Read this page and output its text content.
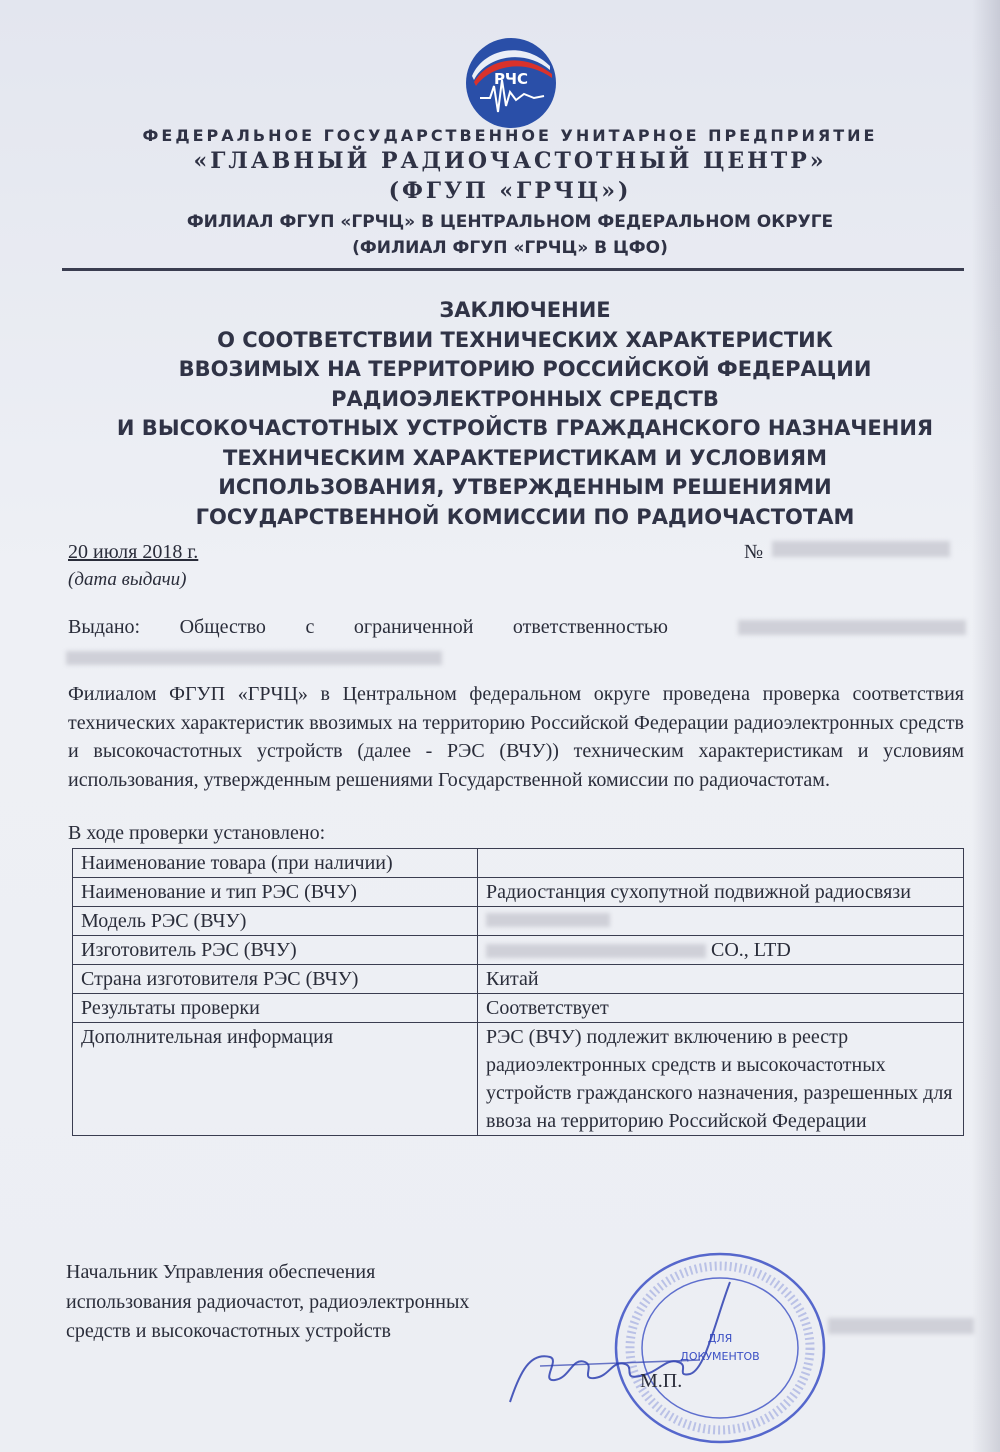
РЧС
ФЕДЕРАЛЬНОЕ ГОСУДАРСТВЕННОЕ УНИТАРНОЕ ПРЕДПРИЯТИЕ
«ГЛАВНЫЙ РАДИОЧАСТОТНЫЙ ЦЕНТР»
(ФГУП «ГРЧЦ»)
ФИЛИАЛ ФГУП «ГРЧЦ» В ЦЕНТРАЛЬНОМ ФЕДЕРАЛЬНОМ ОКРУГЕ
(ФИЛИАЛ ФГУП «ГРЧЦ» В ЦФО)
ЗАКЛЮЧЕНИЕ
О СООТВЕТСТВИИ ТЕХНИЧЕСКИХ ХАРАКТЕРИСТИК
ВВОЗИМЫХ НА ТЕРРИТОРИЮ РОССИЙСКОЙ ФЕДЕРАЦИИ
РАДИОЭЛЕКТРОННЫХ СРЕДСТВ
И ВЫСОКОЧАСТОТНЫХ УСТРОЙСТВ ГРАЖДАНСКОГО НАЗНАЧЕНИЯ
ТЕХНИЧЕСКИМ ХАРАКТЕРИСТИКАМ И УСЛОВИЯМ
ИСПОЛЬЗОВАНИЯ, УТВЕРЖДЕННЫМ РЕШЕНИЯМИ
ГОСУДАРСТВЕННОЙ КОМИССИИ ПО РАДИОЧАСТОТАМ
20 июля 2018 г.
(дата выдачи)
№
Выдано: Общество с ограниченной ответственностью
Филиалом ФГУП «ГРЧЦ» в Центральном федеральном округе проведена проверка соответствия технических характеристик ввозимых на территорию Российской Федерации радиоэлектронных средств и высокочастотных устройств (далее - РЭС (ВЧУ)) техническим характеристикам и условиям использования, утвержденным решениями Государственной комиссии по радиочастотам.
В ходе проверки установлено:
Наименование товара (при наличии)	
Наименование и тип РЭС (ВЧУ)	Радиостанция сухопутной подвижной радиосвязи
Модель РЭС (ВЧУ)	

Изготовитель РЭС (ВЧУ)	CO., LTD
Страна изготовителя РЭС (ВЧУ)	Китай
Результаты проверки	Соответствует
Дополнительная информация	РЭС (ВЧУ) подлежит включению в реестр радиоэлектронных средств и высокочастотных устройств гражданского назначения, разрешенных для ввоза на территорию Российской Федерации
Начальник Управления обеспечения
использования радиочастот, радиоэлектронных
средств и высокочастотных устройств	ДЛЯ
ДОКУМЕНТОВ
М.П.
